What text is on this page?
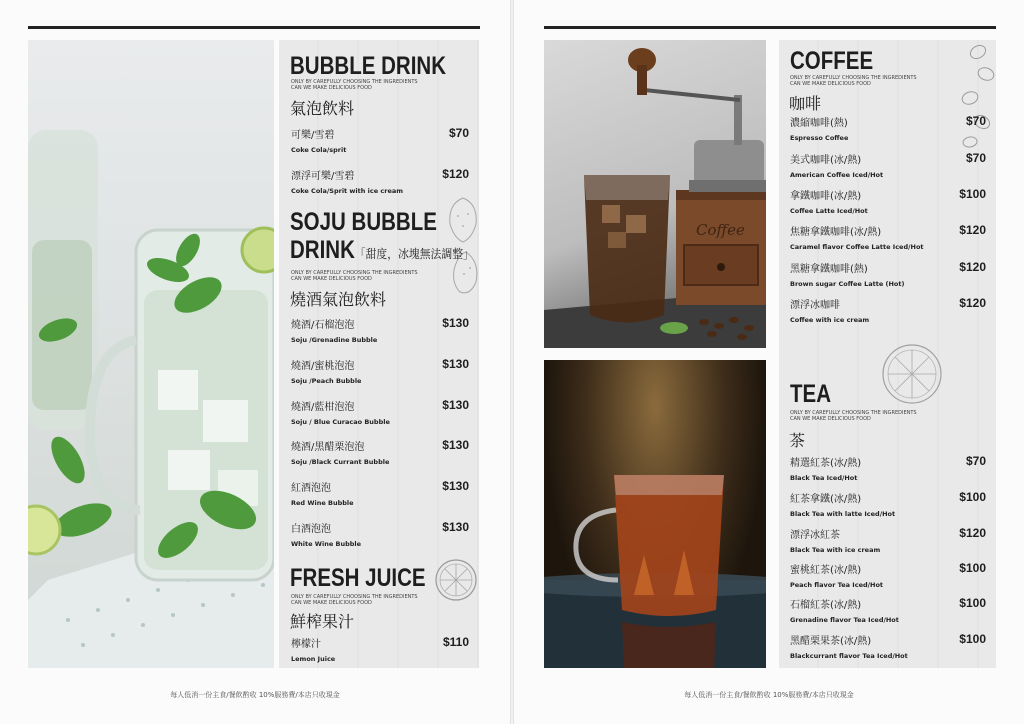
BUBBLE DRINK
ONLY BY CAREFULLY CHOOSING THE INGREDIENTS
CAN WE MAKE DELICIOUS FOOD
氣泡飲料
可樂/雪碧
Coke Cola/sprit
$70
漂浮可樂/雪碧
Coke Cola/Sprit with ice cream
$120
SOJU BUBBLE
DRINK「甜度，冰塊無法調整」
ONLY BY CAREFULLY CHOOSING THE INGREDIENTS
CAN WE MAKE DELICIOUS FOOD
燒酒氣泡飲料
燒酒/石榴泡泡
Soju /Grenadine Bubble
$130
燒酒/蜜桃泡泡
Soju /Peach Bubble
$130
燒酒/藍柑泡泡
Soju / Blue Curacao Bubble
$130
燒酒/黑醋栗泡泡
Soju /Black Currant Bubble
$130
紅酒泡泡
Red Wine Bubble
$130
白酒泡泡
White Wine Bubble
$130
FRESH JUICE
ONLY BY CAREFULLY CHOOSING THE INGREDIENTS
CAN WE MAKE DELICIOUS FOOD
鮮榨果汁
檸檬汁
Lemon Juice
$110
每人低消一份主食/餐飲酌收 10%服務費/本店只收現金	每人低消一份主食/餐飲酌收 10%服務費/本店只收現金
Coffee
COFFEE
ONLY BY CAREFULLY CHOOSING THE INGREDIENTS
CAN WE MAKE DELICIOUS FOOD
咖啡
濃縮咖啡(熱)
Espresso Coffee
$70
美式咖啡(冰/熱)
American Coffee Iced/Hot
$70
拿鐵咖啡(冰/熱)
Coffee Latte Iced/Hot
$100
焦糖拿鐵咖啡(冰/熱)
Caramel flavor Coffee Latte Iced/Hot
$120
黑糖拿鐵咖啡(熱)
Brown sugar Coffee Latte (Hot)
$120
漂浮冰咖啡
Coffee with ice cream
$120
TEA
ONLY BY CAREFULLY CHOOSING THE INGREDIENTS
CAN WE MAKE DELICIOUS FOOD
茶
精選紅茶(冰/熱)
Black Tea Iced/Hot
$70
紅茶拿鐵(冰/熱)
Black Tea with latte Iced/Hot
$100
漂浮冰紅茶
Black Tea with ice cream
$120
蜜桃紅茶(冰/熱)
Peach flavor Tea Iced/Hot
$100
石榴紅茶(冰/熱)
Grenadine flavor Tea Iced/Hot
$100
黑醋栗果茶(冰/熱)
Blackcurrant flavor Tea Iced/Hot
$100
